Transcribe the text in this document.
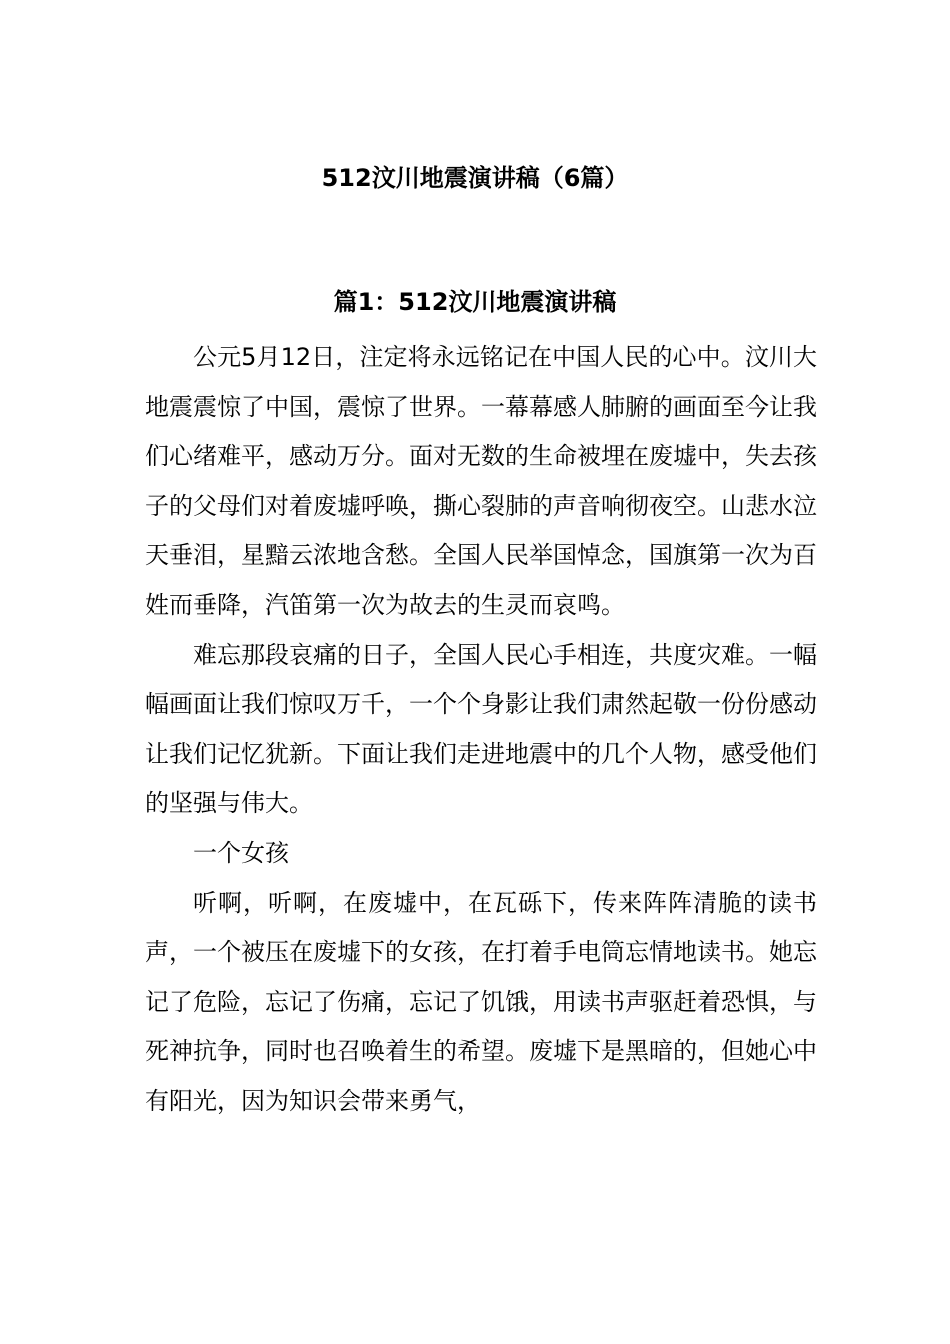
512汶川地震演讲稿（6篇）
篇1：512汶川地震演讲稿

公元5月12日，注定将永远铭记在中国人民的心中。汶川大地震震惊了中国，震惊了世界。一幕幕感人肺腑的画面至今让我们心绪难平，感动万分。面对无数的生命被埋在废墟中，失去孩子的父母们对着废墟呼唤，撕心裂肺的声音响彻夜空。山悲水泣天垂泪，星黯云浓地含愁。全国人民举国悼念，国旗第一次为百姓而垂降，汽笛第一次为故去的生灵而哀鸣。

难忘那段哀痛的日子，全国人民心手相连，共度灾难。一幅幅画面让我们惊叹万千，一个个身影让我们肃然起敬一份份感动让我们记忆犹新。下面让我们走进地震中的几个人物，感受他们的坚强与伟大。

一个女孩

听啊，听啊，在废墟中，在瓦砾下，传来阵阵清脆的读书声，一个被压在废墟下的女孩，在打着手电筒忘情地读书。她忘记了危险，忘记了伤痛，忘记了饥饿，用读书声驱赶着恐惧，与死神抗争，同时也召唤着生的希望。废墟下是黑暗的，但她心中有阳光，因为知识会带来勇气，
